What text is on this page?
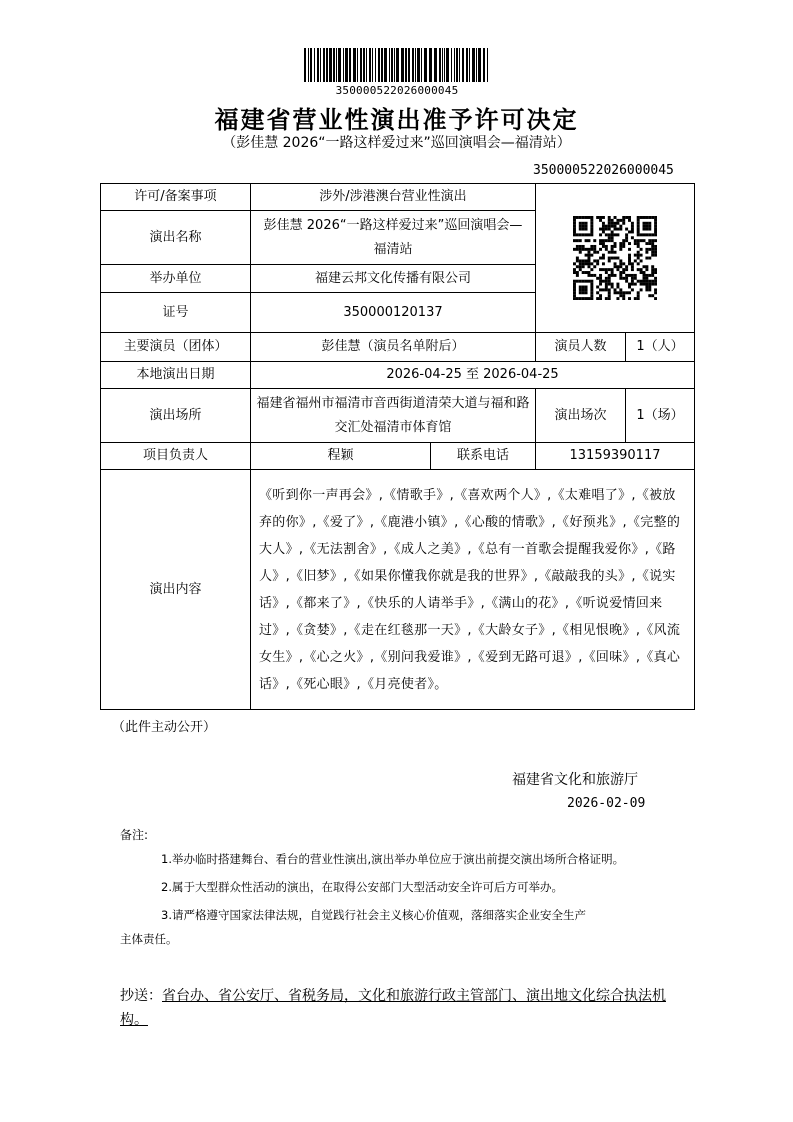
350000522026000045
福建省营业性演出准予许可决定
（彭佳慧 2026“一路这样爱过来”巡回演唱会—福清站）
350000522026000045
许可/备案事项	涉外/涉港澳台营业性演出	

演出名称	彭佳慧 2026“一路这样爱过来”巡回演唱会—福清站			
举办单位	福建云邦文化传播有限公司			
证号	350000120137			
主要演员（团体）	彭佳慧（演员名单附后）		演员人数	1（人）
本地演出日期	2026-04-25 至 2026-04-25			
演出场所	福建省福州市福清市音西街道清荣大道与福和路交汇处福清市体育馆		演出场次	1（场）
项目负责人	程颖	联系电话	13159390117	
演出内容	《听到你一声再会》,《情歌手》,《喜欢两个人》,《太难唱了》,《被放弃的你》,《爱了》,《鹿港小镇》,《心酸的情歌》,《好预兆》,《完整的大人》,《无法割舍》,《成人之美》,《总有一首歌会提醒我爱你》,《路人》,《旧梦》,《如果你懂我你就是我的世界》,《敲敲我的头》,《说实话》,《都来了》,《快乐的人请举手》,《满山的花》,《听说爱情回来过》,《贪婪》,《走在红毯那一天》,《大龄女子》,《相见恨晚》,《风流女生》,《心之火》,《别问我爱谁》,《爱到无路可退》,《回味》,《真心话》,《死心眼》,《月亮使者》。			
（此件主动公开）
福建省文化和旅游厅
2026-02-09
备注:
1.举办临时搭建舞台、看台的营业性演出,演出举办单位应于演出前提交演出场所合格证明。
2.属于大型群众性活动的演出，在取得公安部门大型活动安全许可后方可举办。
3.请严格遵守国家法律法规，自觉践行社会主义核心价值观，落细落实企业安全生产
主体责任。
抄送：省台办、省公安厅、省税务局，文化和旅游行政主管部门、演出地文化综合执法机构。
